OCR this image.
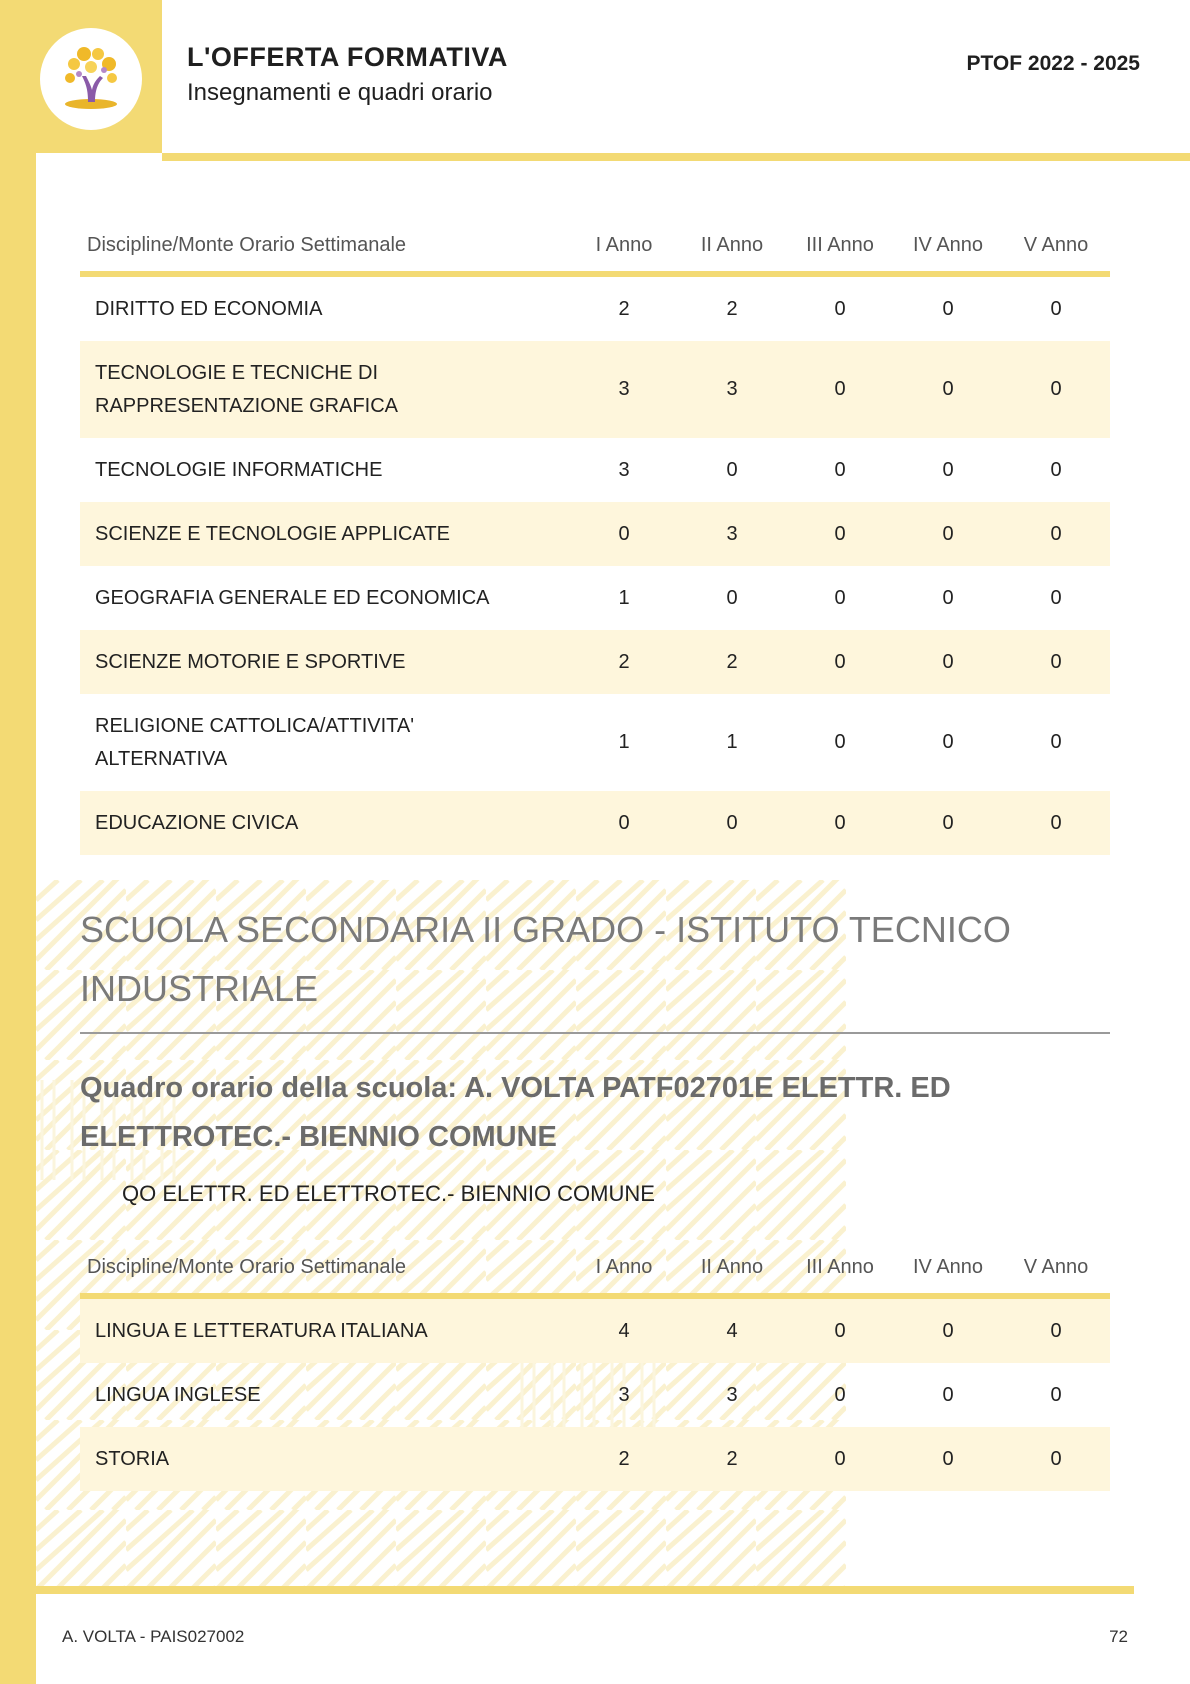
L'OFFERTA FORMATIVA
Insegnamenti e quadri orario
PTOF 2022 - 2025
Discipline/Monte Orario Settimanale	I Anno	II Anno	III Anno	IV Anno	V Anno
DIRITTO ED ECONOMIA	2	2	0	0	0
TECNOLOGIE E TECNICHE DI
RAPPRESENTAZIONE GRAFICA	3	3	0	0	0
TECNOLOGIE INFORMATICHE	3	0	0	0	0
SCIENZE E TECNOLOGIE APPLICATE	0	3	0	0	0
GEOGRAFIA GENERALE ED ECONOMICA	1	0	0	0	0
SCIENZE MOTORIE E SPORTIVE	2	2	0	0	0
RELIGIONE CATTOLICA/ATTIVITA'
ALTERNATIVA	1	1	0	0	0
EDUCAZIONE CIVICA	0	0	0	0	0
SCUOLA SECONDARIA II GRADO - ISTITUTO TECNICO
INDUSTRIALE
Quadro orario della scuola: A. VOLTA PATF02701E ELETTR. ED
ELETTROTEC.- BIENNIO COMUNE
QO ELETTR. ED ELETTROTEC.- BIENNIO COMUNE
Discipline/Monte Orario Settimanale	I Anno	II Anno	III Anno	IV Anno	V Anno
LINGUA E LETTERATURA ITALIANA	4	4	0	0	0
LINGUA INGLESE	3	3	0	0	0
STORIA	2	2	0	0	0
A. VOLTA - PAIS027002	72
